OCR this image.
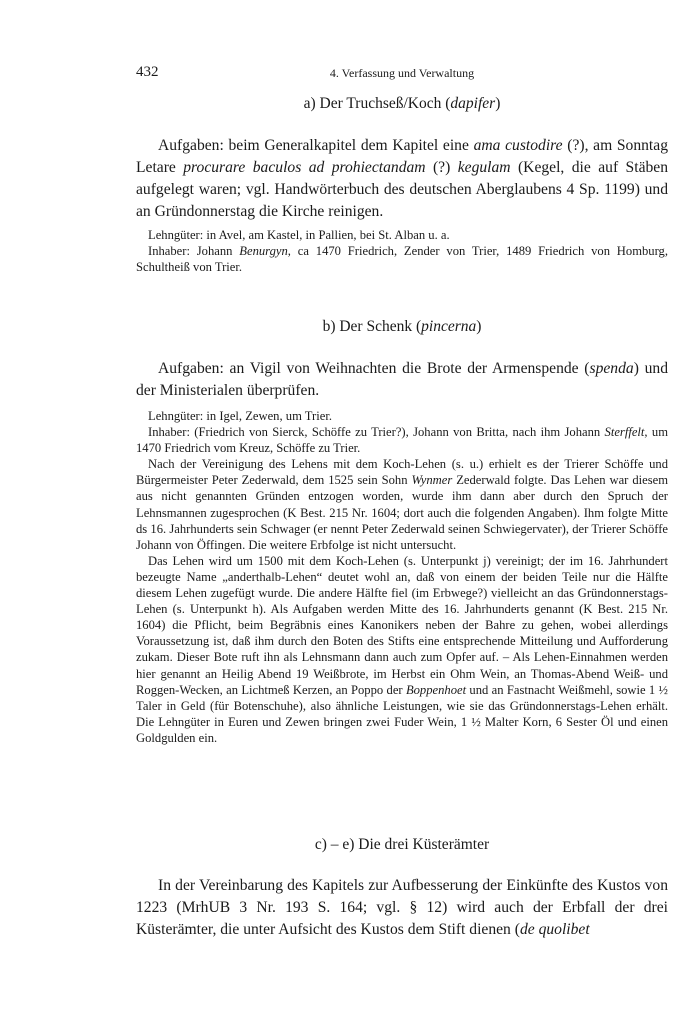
432	4. Verfassung und Verwaltung
a) Der Truchseß/Koch (dapifer)

Aufgaben: beim Generalkapitel dem Kapitel eine ama custodire (?), am Sonntag Letare procurare baculos ad prohiectandam (?) kegulam (Kegel, die auf Stäben aufgelegt waren; vgl. Handwörterbuch des deutschen Aberglaubens 4 Sp. 1199) und an Gründonnerstag die Kirche reinigen.

Lehngüter: in Avel, am Kastel, in Pallien, bei St. Alban u. a.

Inhaber: Johann Benurgyn, ca 1470 Friedrich, Zender von Trier, 1489 Friedrich von Homburg, Schultheiß von Trier.

b) Der Schenk (pincerna)

Aufgaben: an Vigil von Weihnachten die Brote der Armenspende (spenda) und der Ministerialen überprüfen.

Lehngüter: in Igel, Zewen, um Trier.

Inhaber: (Friedrich von Sierck, Schöffe zu Trier?), Johann von Britta, nach ihm Johann Sterffelt, um 1470 Friedrich vom Kreuz, Schöffe zu Trier.

Nach der Vereinigung des Lehens mit dem Koch-Lehen (s. u.) erhielt es der Trierer Schöffe und Bürgermeister Peter Zederwald, dem 1525 sein Sohn Wynmer Zederwald folgte. Das Lehen war diesem aus nicht genannten Gründen entzogen worden, wurde ihm dann aber durch den Spruch der Lehnsmannen zugesprochen (K Best. 215 Nr. 1604; dort auch die folgenden Angaben). Ihm folgte Mitte ds 16. Jahrhunderts sein Schwager (er nennt Peter Zederwald seinen Schwiegervater), der Trierer Schöffe Johann von Öffingen. Die weitere Erbfolge ist nicht untersucht.

Das Lehen wird um 1500 mit dem Koch-Lehen (s. Unterpunkt j) vereinigt; der im 16. Jahrhundert bezeugte Name „anderthalb-Lehen“ deutet wohl an, daß von einem der beiden Teile nur die Hälfte diesem Lehen zugefügt wurde. Die andere Hälfte fiel (im Erbwege?) vielleicht an das Gründonnerstags-Lehen (s. Unterpunkt h). Als Aufgaben werden Mitte des 16. Jahrhunderts genannt (K Best. 215 Nr. 1604) die Pflicht, beim Begräbnis eines Kanonikers neben der Bahre zu gehen, wobei allerdings Voraussetzung ist, daß ihm durch den Boten des Stifts eine entsprechende Mitteilung und Aufforderung zukam. Dieser Bote ruft ihn als Lehnsmann dann auch zum Opfer auf. – Als Lehen-Einnahmen werden hier genannt an Heilig Abend 19 Weißbrote, im Herbst ein Ohm Wein, an Thomas-Abend Weiß- und Roggen-Wecken, an Lichtmeß Kerzen, an Poppo der Boppenhoet und an Fastnacht Weißmehl, sowie 1 ½ Taler in Geld (für Botenschuhe), also ähnliche Leistungen, wie sie das Gründonnerstags-Lehen erhält. Die Lehngüter in Euren und Zewen bringen zwei Fuder Wein, 1 ½ Malter Korn, 6 Sester Öl und einen Goldgulden ein.

c) – e) Die drei Küsterämter

In der Vereinbarung des Kapitels zur Aufbesserung der Einkünfte des Kustos von 1223 (MrhUB 3 Nr. 193 S. 164; vgl. § 12) wird auch der Erbfall der drei Küsterämter, die unter Aufsicht des Kustos dem Stift dienen (de quolibet
